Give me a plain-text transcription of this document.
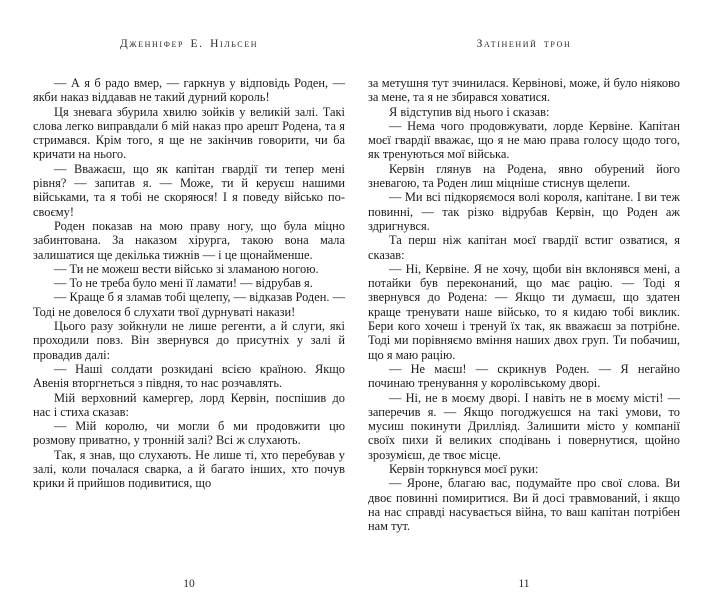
Дженніфер Е. Нільсен

— А я б радо вмер, — гаркнув у відповідь Роден, — якби наказ віддавав не такий дурний король!

Ця зневага збурила хвилю зойків у великій залі. Такі слова легко виправдали б мій наказ про арешт Родена, та я стримався. Крім того, я ще не закінчив говорити, чи ба кричати на нього.

— Вважаєш, що як капітан гвардії ти тепер мені рівня? — запитав я. — Може, ти й керуєш нашими військами, та я тобі не скоряюся! І я поведу військо по-своєму!

Роден показав на мою праву ногу, що була міцно забинтована. За наказом хірурга, такою вона мала залишатися ще декілька тижнів — і це щонайменше.

— Ти не можеш вести військо зі зламаною ногою.

— То не треба було мені її ламати! — відрубав я.

— Краще б я зламав тобі щелепу, — відказав Роден. — Тоді не довелося б слухати твої дурнуваті накази!

Цього разу зойкнули не лише регенти, а й слуги, які проходили повз. Він звернувся до присутніх у залі й провадив далі:

— Наші солдати розкидані всією країною. Якщо Авенія вторгнеться з півдня, то нас розчавлять.

Мій верховний камергер, лорд Кервін, поспішив до нас і стиха сказав:

— Мій королю, чи могли б ми продовжити цю розмову приватно, у тронній залі? Всі ж слухають.

Так, я знав, що слухають. Не лише ті, хто перебував у залі, коли почалася сварка, а й багато інших, хто почув крики й прийшов подивитися, що

10
Затінений трон

за метушня тут зчинилася. Кервінові, може, й було ніяково за мене, та я не збирався ховатися.

Я відступив від нього і сказав:

— Нема чого продовжувати, лорде Кервіне. Капітан моєї гвардії вважає, що я не маю права голосу щодо того, як тренуються мої війська.

Кервін глянув на Родена, явно обурений його зневагою, та Роден лиш міцніше стиснув щелепи.

— Ми всі підкоряємося волі короля, капітане. І ви теж повинні, — так різко відрубав Кервін, що Роден аж здригнувся.

Та перш ніж капітан моєї гвардії встиг озватися, я сказав:

— Ні, Кервіне. Я не хочу, щоби він вклонявся мені, а потайки був переконаний, що має рацію. — Тоді я звернувся до Родена: — Якщо ти думаєш, що здатен краще тренувати наше військо, то я кидаю тобі виклик. Бери кого хочеш і тренуй їх так, як вважаєш за потрібне. Тоді ми порівняємо вміння наших двох груп. Ти побачиш, що я маю рацію.

— Не маєш! — скрикнув Роден. — Я негайно починаю тренування у королівському дворі.

— Ні, не в моєму дворі. І навіть не в моєму місті! — заперечив я. — Якщо погоджуєшся на такі умови, то мусиш покинути Дрилліяд. Залишити місто у компанії своїх пихи й великих сподівань і повернутися, щойно зрозумієш, де твоє місце.

Кервін торкнувся моєї руки:

— Яроне, благаю вас, подумайте про свої слова. Ви двоє повинні помиритися. Ви й досі травмований, і якщо на нас справді насувається війна, то ваш капітан потрібен нам тут.

11
